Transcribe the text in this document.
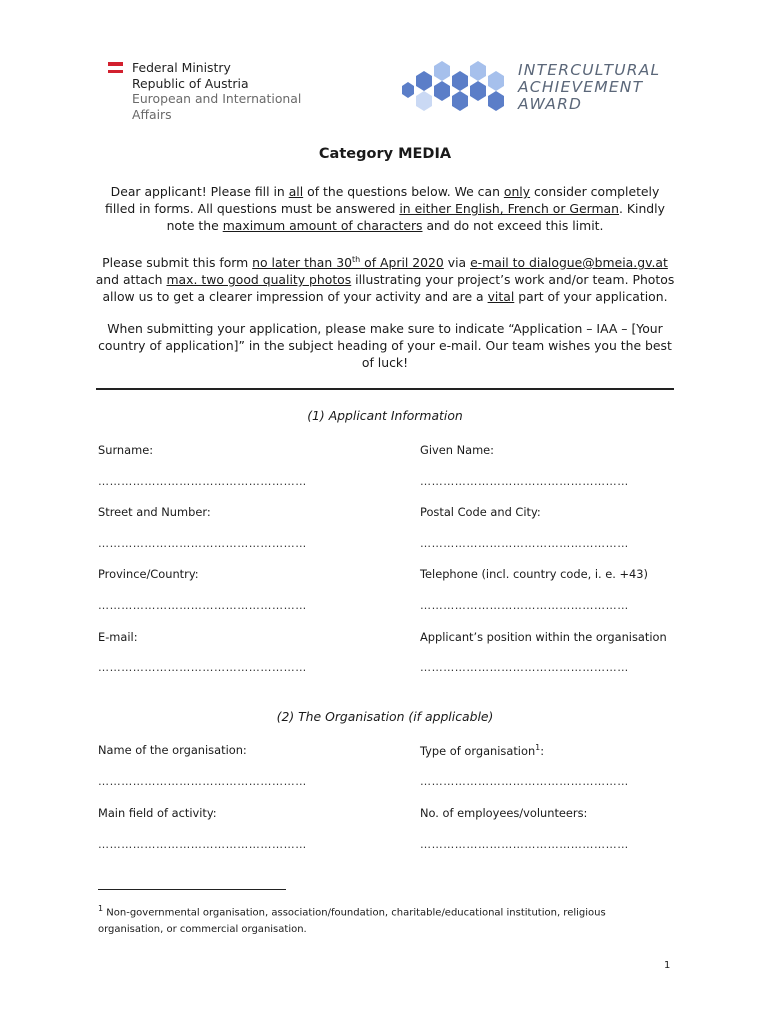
Federal Ministry
Republic of Austria
European and International
Affairs
INTERCULTURAL
ACHIEVEMENT
AWARD
Category MEDIA
Dear applicant! Please fill in all of the questions below. We can only consider completely filled in forms. All questions must be answered in either English, French or German. Kindly note the maximum amount of characters and do not exceed this limit.
Please submit this form no later than 30th of April 2020 via e-mail to dialogue@bmeia.gv.at and attach max. two good quality photos illustrating your project’s work and/or team. Photos allow us to get a clearer impression of your activity and are a vital part of your application.
When submitting your application, please make sure to indicate “Application – IAA – [Your country of application]” in the subject heading of your e-mail. Our team wishes you the best of luck!
(1) Applicant Information
Surname:	Given Name:
………………………………………………	………………………………………………
Street and Number:	Postal Code and City:
………………………………………………	………………………………………………
Province/Country:	Telephone (incl. country code, i. e. +43)
………………………………………………	………………………………………………
E-mail:	Applicant’s position within the organisation
………………………………………………	………………………………………………
(2) The Organisation (if applicable)
Name of the organisation:	Type of organisation$^1$:
………………………………………………	………………………………………………
Main field of activity:	No. of employees/volunteers:
………………………………………………	………………………………………………
$^1$ Non-governmental organisation, association/foundation, charitable/educational institution, religious organisation, or commercial organisation.
1
